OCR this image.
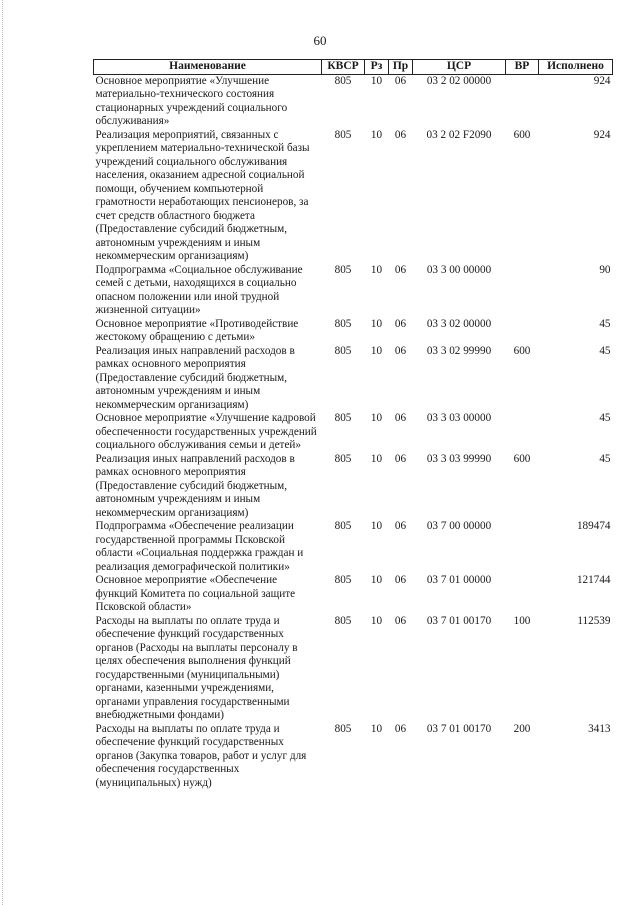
60
Наименование	КВСР	Рз	Пр	ЦСР	ВР	Исполнено
Основное мероприятие «Улучшение материально-технического состояния стационарных учреждений социального обслуживания»	805	10	06	03 2 02 00000		924
Реализация мероприятий, связанных с укреплением материально-технической базы учреждений социального обслуживания населения, оказанием адресной социальной помощи, обучением компьютерной грамотности неработающих пенсионеров, за счет средств областного бюджета (Предоставление субсидий бюджетным, автономным учреждениям и иным некоммерческим организациям)	805	10	06	03 2 02 F2090	600	924
Подпрограмма «Социальное обслуживание семей с детьми, находящихся в социально опасном положении или иной трудной жизненной ситуации»	805	10	06	03 3 00 00000		90
Основное мероприятие «Противодействие жестокому обращению с детьми»	805	10	06	03 3 02 00000		45
Реализация иных направлений расходов в рамках основного мероприятия (Предоставление субсидий бюджетным, автономным учреждениям и иным некоммерческим организациям)	805	10	06	03 3 02 99990	600	45
Основное мероприятие «Улучшение кадровой обеспеченности государственных учреждений социального обслуживания семьи и детей»	805	10	06	03 3 03 00000		45
Реализация иных направлений расходов в рамках основного мероприятия (Предоставление субсидий бюджетным, автономным учреждениям и иным некоммерческим организациям)	805	10	06	03 3 03 99990	600	45
Подпрограмма «Обеспечение реализации государственной программы Псковской области «Социальная поддержка граждан и реализация демографической политики»	805	10	06	03 7 00 00000		189474
Основное мероприятие «Обеспечение функций Комитета по социальной защите Псковской области»	805	10	06	03 7 01 00000		121744
Расходы на выплаты по оплате труда и обеспечение функций государственных органов (Расходы на выплаты персоналу в целях обеспечения выполнения функций государственными (муниципальными) органами, казенными учреждениями, органами управления государственными внебюджетными фондами)	805	10	06	03 7 01 00170	100	112539
Расходы на выплаты по оплате труда и обеспечение функций государственных органов (Закупка товаров, работ и услуг для обеспечения государственных (муниципальных) нужд)	805	10	06	03 7 01 00170	200	3413
